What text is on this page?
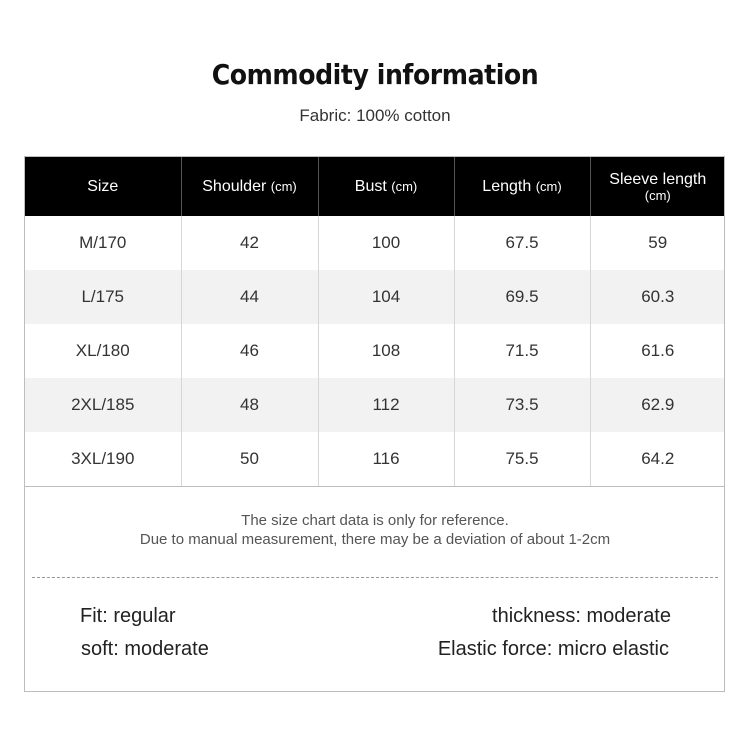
Commodity information
Fabric: 100% cotton
Size	Shoulder (cm)	Bust (cm)	Length (cm)	Sleeve length
(cm)

M/170	42	100	67.5	59
L/175	44	104	69.5	60.3
XL/180	46	108	71.5	61.6
2XL/185	48	112	73.5	62.9
3XL/190	50	116	75.5	64.2
The size chart data is only for reference.
Due to manual measurement, there may be a deviation of about 1-2cm
Fit: regular
soft: moderate
thickness: moderate
Elastic force: micro elastic
